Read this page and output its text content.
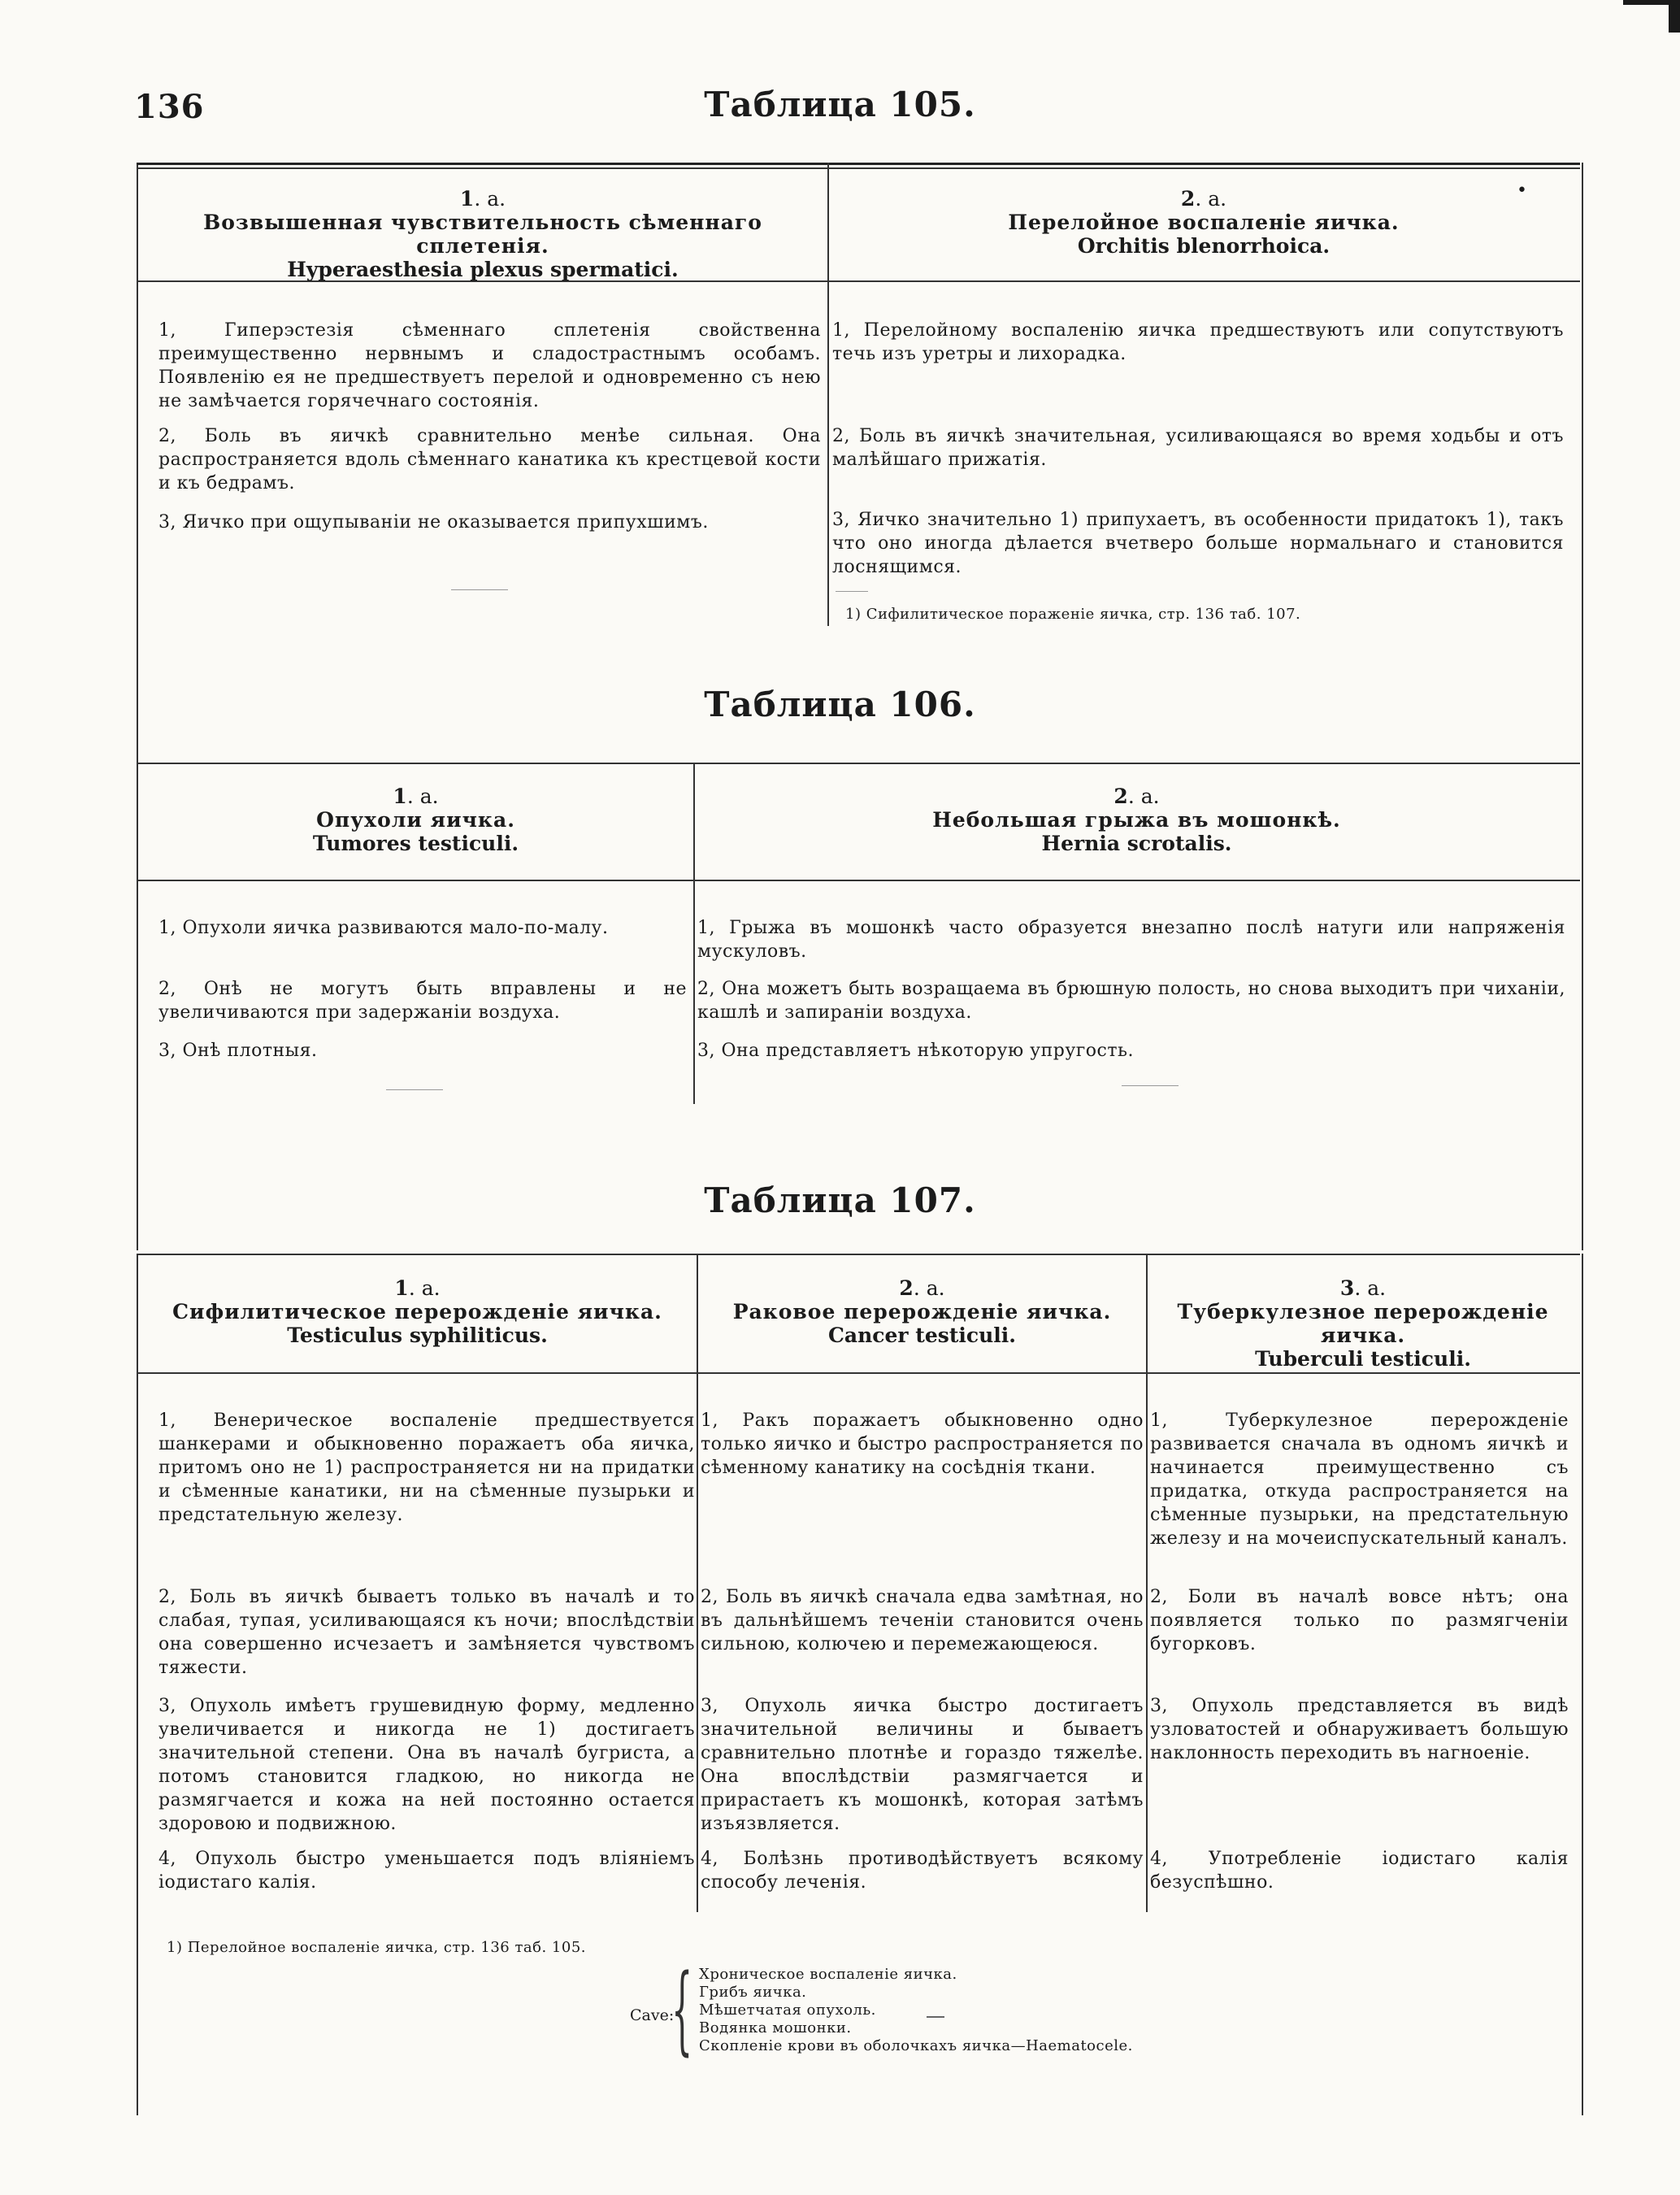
136	Таблица 105.
1. а.
Возвышенная чувствительность сѣменнаго сплетенія.
Hyperaesthesia plexus spermatici.
2. а.
Перелойное воспаленіе яичка.
Orchitis blenorrhoica.
•
1, Гиперэстезія сѣменнаго сплетенія свойственна преимущественно нервнымъ и сладострастнымъ особамъ. Появленію ея не предшествуетъ перелой и одновременно съ нею не замѣчается горячечнаго состоянія.
2, Боль въ яичкѣ сравнительно менѣе сильная. Она распространяется вдоль сѣменнаго канатика къ крестцевой кости и къ бедрамъ.
3, Яичко при ощупываніи не оказывается припухшимъ.
1, Перелойному воспаленію яичка предшествуютъ или сопутствуютъ течь изъ уретры и лихорадка.
2, Боль въ яичкѣ значительная, усиливающаяся во время ходьбы и отъ малѣйшаго прижатія.
3, Яичко значительно 1) припухаетъ, въ особенности придатокъ 1), такъ что оно иногда дѣлается вчетверо больше нормальнаго и становится лоснящимся.
1) Сифилитическое пораженіе яичка, стр. 136 таб. 107.
Таблица 106.
1. а.
Опухоли яичка.
Tumores testiculi.
2. а.
Небольшая грыжа въ мошонкѣ.
Hernia scrotalis.
1, Опухоли яичка развиваются мало-по-малу.
2, Онѣ не могутъ быть вправлены и не увеличиваются при задержаніи воздуха.
3, Онѣ плотныя.
1, Грыжа въ мошонкѣ часто образуется внезапно послѣ натуги или напряженія мускуловъ.
2, Она можетъ быть возращаема въ брюшную полость, но снова выходитъ при чиханіи, кашлѣ и запираніи воздуха.
3, Она представляетъ нѣкоторую упругость.
Таблица 107.
1. а.
Сифилитическое перерожденіе яичка.
Testiculus syphiliticus.
2. а.
Раковое перерожденіе яичка.
Cancer testiculi.
3. а.
Туберкулезное перерожденіе яичка.
Tuberculi testiculi.
1, Венерическое воспаленіе предшествуется шанкерами и обыкновенно поражаетъ оба яичка, притомъ оно не 1) распространяется ни на придатки и сѣменные канатики, ни на сѣменные пузырьки и предстательную железу.
2, Боль въ яичкѣ бываетъ только въ началѣ и то слабая, тупая, усиливающаяся къ ночи; впослѣдствіи она совершенно исчезаетъ и замѣняется чувствомъ тяжести.
3, Опухоль имѣетъ грушевидную форму, медленно увеличивается и никогда не 1) достигаетъ значительной степени. Она въ началѣ бугриста, а потомъ становится гладкою, но никогда не размягчается и кожа на ней постоянно остается здоровою и подвижною.
4, Опухоль быстро уменьшается подъ вліяніемъ іодистаго калія.
1, Ракъ поражаетъ обыкновенно одно только яичко и быстро распространяется по сѣменному канатику на сосѣднія ткани.
2, Боль въ яичкѣ сначала едва замѣтная, но въ дальнѣйшемъ теченіи становится очень сильною, колючею и перемежающеюся.
3, Опухоль яичка быстро достигаетъ значительной величины и бываетъ сравнительно плотнѣе и гораздо тяжелѣе. Она впослѣдствіи размягчается и прирастаетъ къ мошонкѣ, которая затѣмъ изъязвляется.
4, Болѣзнь противодѣйствуетъ всякому способу леченія.
1, Туберкулезное перерожденіе развивается сначала въ одномъ яичкѣ и начинается преимущественно съ придатка, откуда распространяется на сѣменные пузырьки, на предстательную железу и на мочеиспускательный каналъ.
2, Боли въ началѣ вовсе нѣтъ; она появляется только по размягченіи бугорковъ.
3, Опухоль представляется въ видѣ узловатостей и обнаруживаетъ большую наклонность переходить въ нагноеніе.
4, Употребленіе іодистаго калія безуспѣшно.
1) Перелойное воспаленіе яичка, стр. 136 таб. 105.
Cave:
{ Хроническое воспаленіе яичка.
Грибъ яичка.
Мѣшетчатая опухоль.
Водянка мошонки.
Скопленіе крови въ оболочкахъ яичка—Haematocele.
